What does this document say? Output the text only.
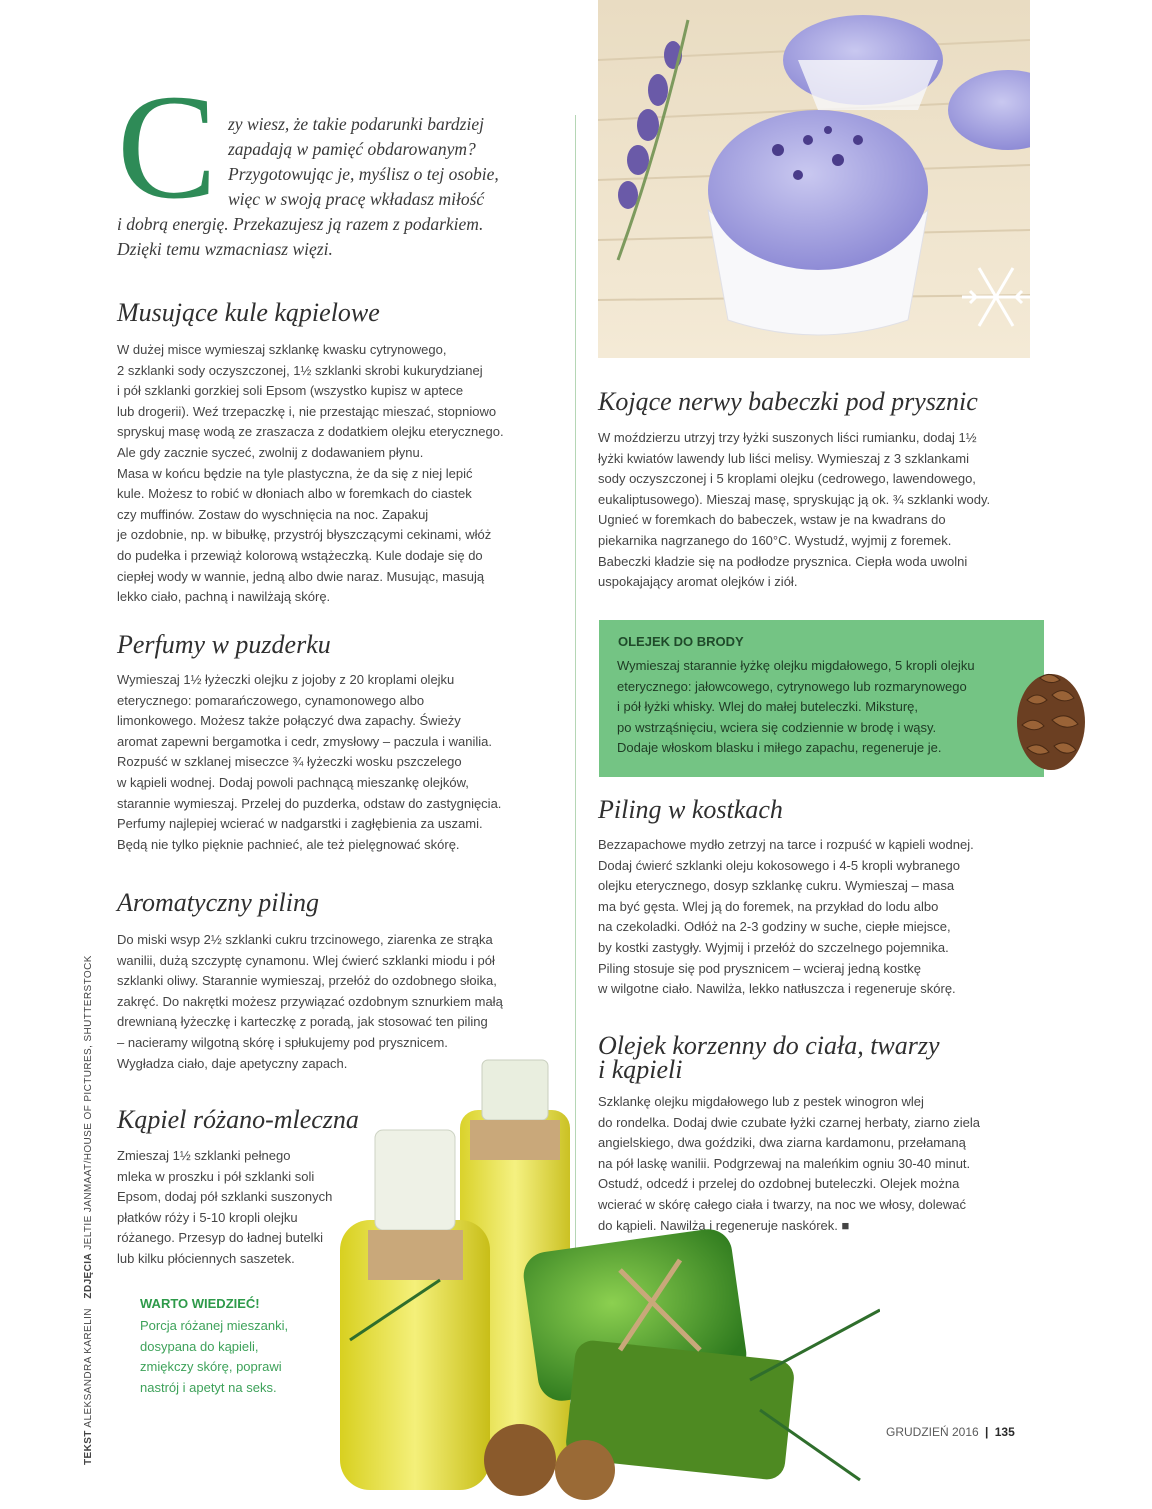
TEKST ALEKSANDRA KARELIN   ZDJĘCIA JELTIE JANMAAT/HOUSE OF PICTURES, SHUTTERSTOCK
C zy wiesz, że takie podarunki bardziej
zapadają w pamięć obdarowanym?
Przygotowując je, myślisz o tej osobie,
więc w swoją pracę wkładasz miłość
i dobrą energię. Przekazujesz ją razem z podarkiem.
Dzięki temu wzmacniasz więzi.
Musujące kule kąpielowe

W dużej misce wymieszaj szklankę kwasku cytrynowego,
2 szklanki sody oczyszczonej, 1½ szklanki skrobi kukurydzianej
i pół szklanki gorzkiej soli Epsom (wszystko kupisz w aptece
lub drogerii). Weź trzepaczkę i, nie przestając mieszać, stopniowo
spryskuj masę wodą ze zraszacza z dodatkiem olejku eterycznego.
Ale gdy zacznie syczeć, zwolnij z dodawaniem płynu.
Masa w końcu będzie na tyle plastyczna, że da się z niej lepić
kule. Możesz to robić w dłoniach albo w foremkach do ciastek
czy muffinów. Zostaw do wyschnięcia na noc. Zapakuj
je ozdobnie, np. w bibułkę, przystrój błyszczącymi cekinami, włóż
do pudełka i przewiąż kolorową wstążeczką. Kule dodaje się do
ciepłej wody w wannie, jedną albo dwie naraz. Musując, masują
lekko ciało, pachną i nawilżają skórę.

Perfumy w puzderku

Wymieszaj 1½ łyżeczki olejku z jojoby z 20 kroplami olejku
eterycznego: pomarańczowego, cynamonowego albo
limonkowego. Możesz także połączyć dwa zapachy. Świeży
aromat zapewni bergamotka i cedr, zmysłowy – paczula i wanilia.
Rozpuść w szklanej miseczce ¾ łyżeczki wosku pszczelego
w kąpieli wodnej. Dodaj powoli pachnącą mieszankę olejków,
starannie wymieszaj. Przelej do puzderka, odstaw do zastygnięcia.
Perfumy najlepiej wcierać w nadgarstki i zagłębienia za uszami.
Będą nie tylko pięknie pachnieć, ale też pielęgnować skórę.

Aromatyczny piling

Do miski wsyp 2½ szklanki cukru trzcinowego, ziarenka ze strąka
wanilii, dużą szczyptę cynamonu. Wlej ćwierć szklanki miodu i pół
szklanki oliwy. Starannie wymieszaj, przełóż do ozdobnego słoika,
zakręć. Do nakrętki możesz przywiązać ozdobnym sznurkiem małą
drewnianą łyżeczkę i karteczkę z poradą, jak stosować ten piling
– nacieramy wilgotną skórę i spłukujemy pod prysznicem.
Wygładza ciało, daje apetyczny zapach.

Kąpiel różano-mleczna

Zmieszaj 1½ szklanki pełnego
mleka w proszku i pół szklanki soli
Epsom, dodaj pół szklanki suszonych
płatków róży i 5-10 kropli olejku
różanego. Przesyp do ładnej butelki
lub kilku płóciennych saszetek.

WARTO WIEDZIEĆ!
Porcja różanej mieszanki,
dosypana do kąpieli,
zmiękczy skórę, poprawi
nastrój i apetyt na seks.
Kojące nerwy babeczki pod prysznic

W moździerzu utrzyj trzy łyżki suszonych liści rumianku, dodaj 1½
łyżki kwiatów lawendy lub liści melisy. Wymieszaj z 3 szklankami
sody oczyszczonej i 5 kroplami olejku (cedrowego, lawendowego,
eukaliptusowego). Mieszaj masę, spryskując ją ok. ¾ szklanki wody.
Ugnieć w foremkach do babeczek, wstaw je na kwadrans do
piekarnika nagrzanego do 160°C. Wystudź, wyjmij z foremek.
Babeczki kładzie się na podłodze prysznica. Ciepła woda uwolni
uspokajający aromat olejków i ziół.

OLEJEK DO BRODY
Wymieszaj starannie łyżkę olejku migdałowego, 5 kropli olejku
eterycznego: jałowcowego, cytrynowego lub rozmarynowego
i pół łyżki whisky. Wlej do małej buteleczki. Miksturę,
po wstrząśnięciu, wciera się codziennie w brodę i wąsy.
Dodaje włoskom blasku i miłego zapachu, regeneruje je.
Piling w kostkach

Bezzapachowe mydło zetrzyj na tarce i rozpuść w kąpieli wodnej.
Dodaj ćwierć szklanki oleju kokosowego i 4-5 kropli wybranego
olejku eterycznego, dosyp szklankę cukru. Wymieszaj – masa
ma być gęsta. Wlej ją do foremek, na przykład do lodu albo
na czekoladki. Odłóż na 2-3 godziny w suche, ciepłe miejsce,
by kostki zastygły. Wyjmij i przełóż do szczelnego pojemnika.
Piling stosuje się pod prysznicem – wcieraj jedną kostkę
w wilgotne ciało. Nawilża, lekko natłuszcza i regeneruje skórę.

Olejek korzenny do ciała, twarzy
i kąpieli

Szklankę olejku migdałowego lub z pestek winogron wlej
do rondelka. Dodaj dwie czubate łyżki czarnej herbaty, ziarno ziela
angielskiego, dwa goździki, dwa ziarna kardamonu, przełamaną
na pół laskę wanilii. Podgrzewaj na maleńkim ogniu 30-40 minut.
Ostudź, odcedź i przelej do ozdobnej buteleczki. Olejek można
wcierać w skórę całego ciała i twarzy, na noc we włosy, dolewać
do kąpieli. Nawilża i regeneruje naskórek. ■

GRUDZIEŃ 2016 | 135
